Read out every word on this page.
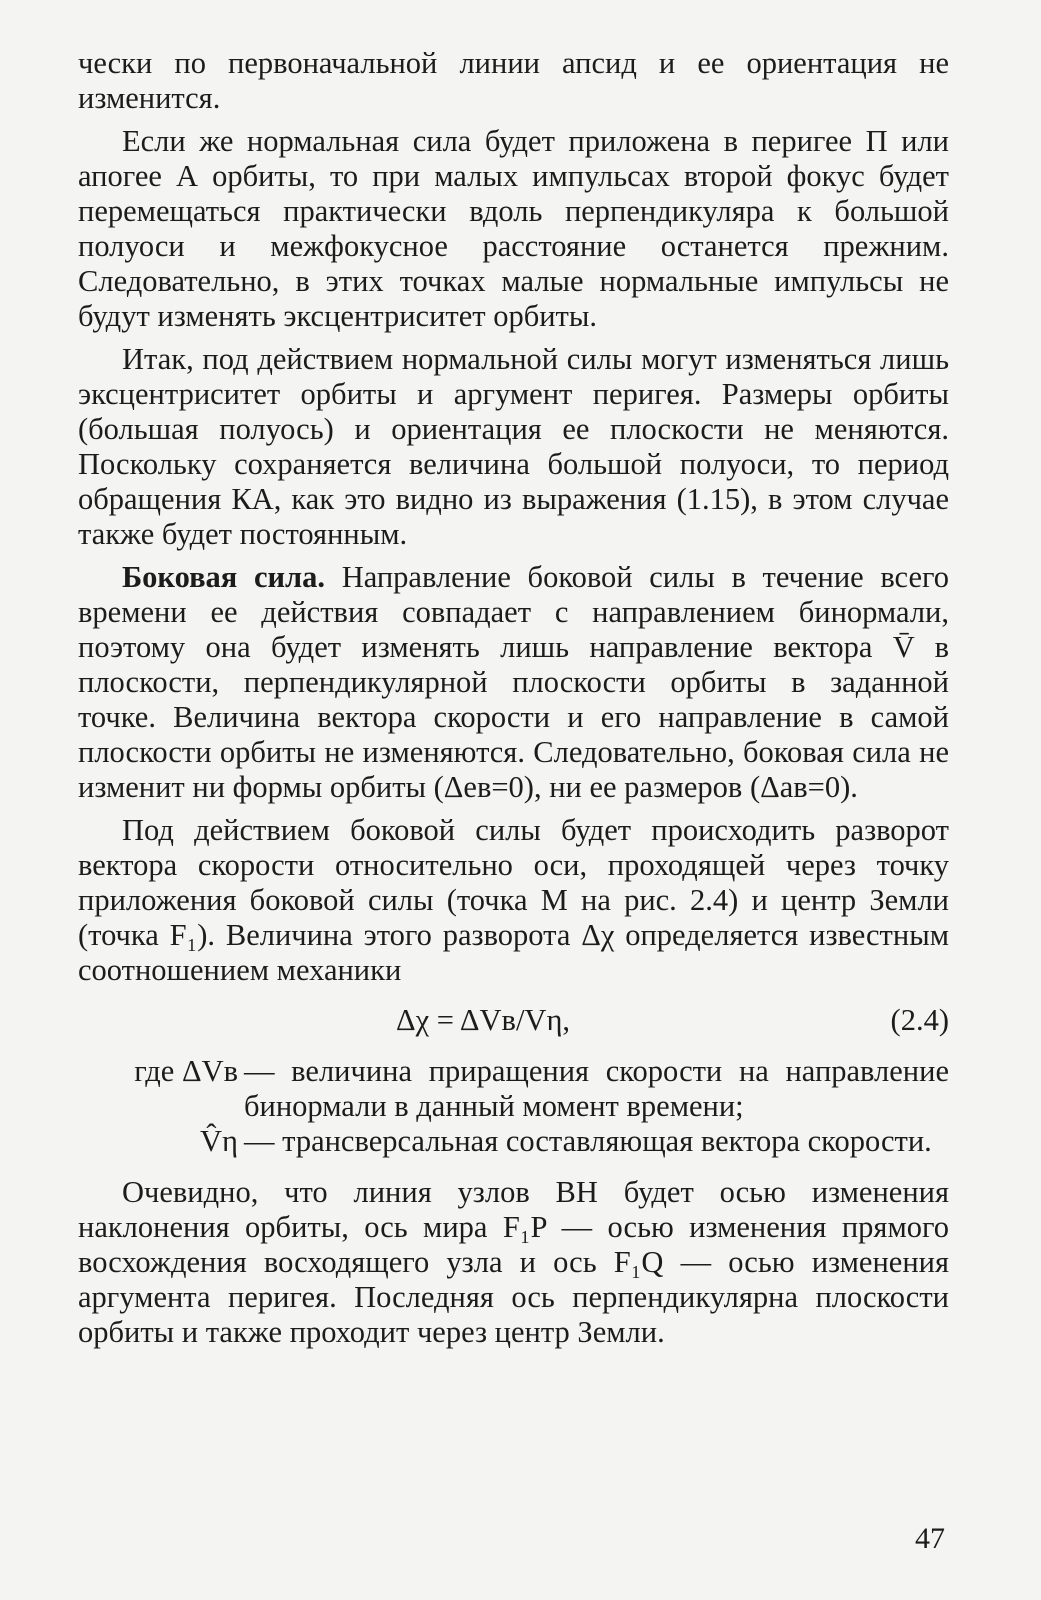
чески по первоначальной линии апсид и ее ориентация не изменится.

Если же нормальная сила будет приложена в перигее П или апогее А орбиты, то при малых импульсах второй фокус будет перемещаться практически вдоль перпендикуляра к большой полуоси и межфокусное расстояние останется прежним. Следовательно, в этих точках малые нормальные импульсы не будут изменять эксцентриситет орбиты.

Итак, под действием нормальной силы могут изменяться лишь эксцентриситет орбиты и аргумент перигея. Размеры орбиты (большая полуось) и ориентация ее плоскости не меняются. Поскольку сохраняется величина большой полуоси, то период обращения КА, как это видно из выражения (1.15), в этом случае также будет постоянным.

Боковая сила. Направление боковой силы в течение всего времени ее действия совпадает с направлением бинормали, поэтому она будет изменять лишь направление вектора V̄ в плоскости, перпендикулярной плоскости орбиты в заданной точке. Величина вектора скорости и его направление в самой плоскости орбиты не изменяются. Следовательно, боковая сила не изменит ни формы орбиты (Δeв=0), ни ее размеров (Δaв=0).

Под действием боковой силы будет происходить разворот вектора скорости относительно оси, проходящей через точку приложения боковой силы (точка М на рис. 2.4) и центр Земли (точка F₁). Величина этого разворота Δχ определяется известным соотношением механики

Δχ = ΔVв/Vη,	(2.4)
где ΔVв — величина приращения скорости на направление бинормали в данный момент времени;
V̂η — трансверсальная составляющая вектора скорости.

Очевидно, что линия узлов ВН будет осью изменения наклонения орбиты, ось мира F₁P — осью изменения прямого восхождения восходящего узла и ось F₁Q — осью изменения аргумента перигея. Последняя ось перпендикулярна плоскости орбиты и также проходит через центр Земли.

47
